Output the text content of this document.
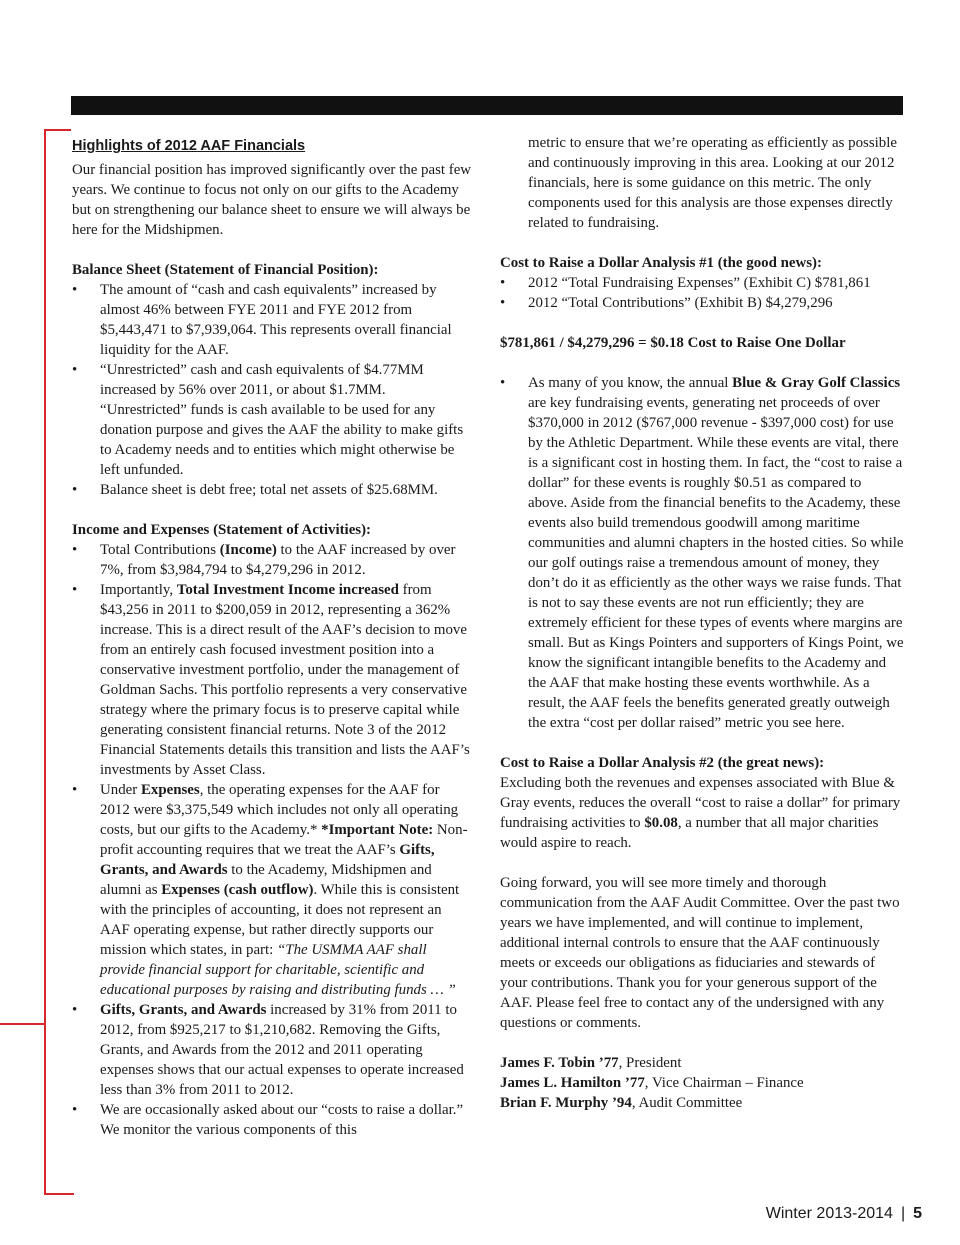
Highlights of 2012 AAF Financials

Our financial position has improved significantly over the past few years. We continue to focus not only on our gifts to the Academy but on strengthening our balance sheet to ensure we will always be here for the Midshipmen.

Balance Sheet (Statement of Financial Position):

• The amount of “cash and cash equivalents” increased by almost 46% between FYE 2011 and FYE 2012 from $5,443,471 to $7,939,064. This represents overall financial liquidity for the AAF.
• “Unrestricted” cash and cash equivalents of $4.77MM increased by 56% over 2011, or about $1.7MM. “Unrestricted” funds is cash available to be used for any donation purpose and gives the AAF the ability to make gifts to Academy needs and to entities which might otherwise be left unfunded.
• Balance sheet is debt free; total net assets of $25.68MM.

Income and Expenses (Statement of Activities):

• Total Contributions (Income) to the AAF increased by over 7%, from $3,984,794 to $4,279,296 in 2012.
• Importantly, Total Investment Income increased from $43,256 in 2011 to $200,059 in 2012, representing a 362% increase. This is a direct result of the AAF’s decision to move from an entirely cash focused investment position into a conservative investment portfolio, under the management of Goldman Sachs. This portfolio represents a very conservative strategy where the primary focus is to preserve capital while generating consistent financial returns. Note 3 of the 2012 Financial Statements details this transition and lists the AAF’s investments by Asset Class.
• Under Expenses, the operating expenses for the AAF for 2012 were $3,375,549 which includes not only all operating costs, but our gifts to the Academy.* *Important Note: Non-profit accounting requires that we treat the AAF’s Gifts, Grants, and Awards to the Academy, Midshipmen and alumni as Expenses (cash outflow). While this is consistent with the principles of accounting, it does not represent an AAF operating expense, but rather directly supports our mission which states, in part: “The USMMA AAF shall provide financial support for charitable, scientific and educational purposes by raising and distributing funds … ”
• Gifts, Grants, and Awards increased by 31% from 2011 to 2012, from $925,217 to $1,210,682. Removing the Gifts, Grants, and Awards from the 2012 and 2011 operating expenses shows that our actual expenses to operate increased less than 3% from 2011 to 2012.
• We are occasionally asked about our “costs to raise a dollar.” We monitor the various components of this

metric to ensure that we’re operating as efficiently as possible and continuously improving in this area. Looking at our 2012 financials, here is some guidance on this metric. The only components used for this analysis are those expenses directly related to fundraising.

Cost to Raise a Dollar Analysis #1 (the good news):

• 2012 “Total Fundraising Expenses” (Exhibit C) $781,861
• 2012 “Total Contributions” (Exhibit B) $4,279,296

$781,861 / $4,279,296 = $0.18 Cost to Raise One Dollar

• As many of you know, the annual Blue & Gray Golf Classics are key fundraising events, generating net proceeds of over $370,000 in 2012 ($767,000 revenue - $397,000 cost) for use by the Athletic Department. While these events are vital, there is a significant cost in hosting them. In fact, the “cost to raise a dollar” for these events is roughly $0.51 as compared to above. Aside from the financial benefits to the Academy, these events also build tremendous goodwill among maritime communities and alumni chapters in the hosted cities. So while our golf outings raise a tremendous amount of money, they don’t do it as efficiently as the other ways we raise funds. That is not to say these events are not run efficiently; they are extremely efficient for these types of events where margins are small. But as Kings Pointers and supporters of Kings Point, we know the significant intangible benefits to the Academy and the AAF that make hosting these events worthwhile. As a result, the AAF feels the benefits generated greatly outweigh the extra “cost per dollar raised” metric you see here.

Cost to Raise a Dollar Analysis #2 (the great news):

Excluding both the revenues and expenses associated with Blue & Gray events, reduces the overall “cost to raise a dollar” for primary fundraising activities to $0.08, a number that all major charities would aspire to reach.

Going forward, you will see more timely and thorough communication from the AAF Audit Committee. Over the past two years we have implemented, and will continue to implement, additional internal controls to ensure that the AAF continuously meets or exceeds our obligations as fiduciaries and stewards of your contributions. Thank you for your generous support of the AAF. Please feel free to contact any of the undersigned with any questions or comments.

James F. Tobin ’77, President

James L. Hamilton ’77, Vice Chairman – Finance

Brian F. Murphy ’94, Audit Committee

Winter 2013-2014 | 5
